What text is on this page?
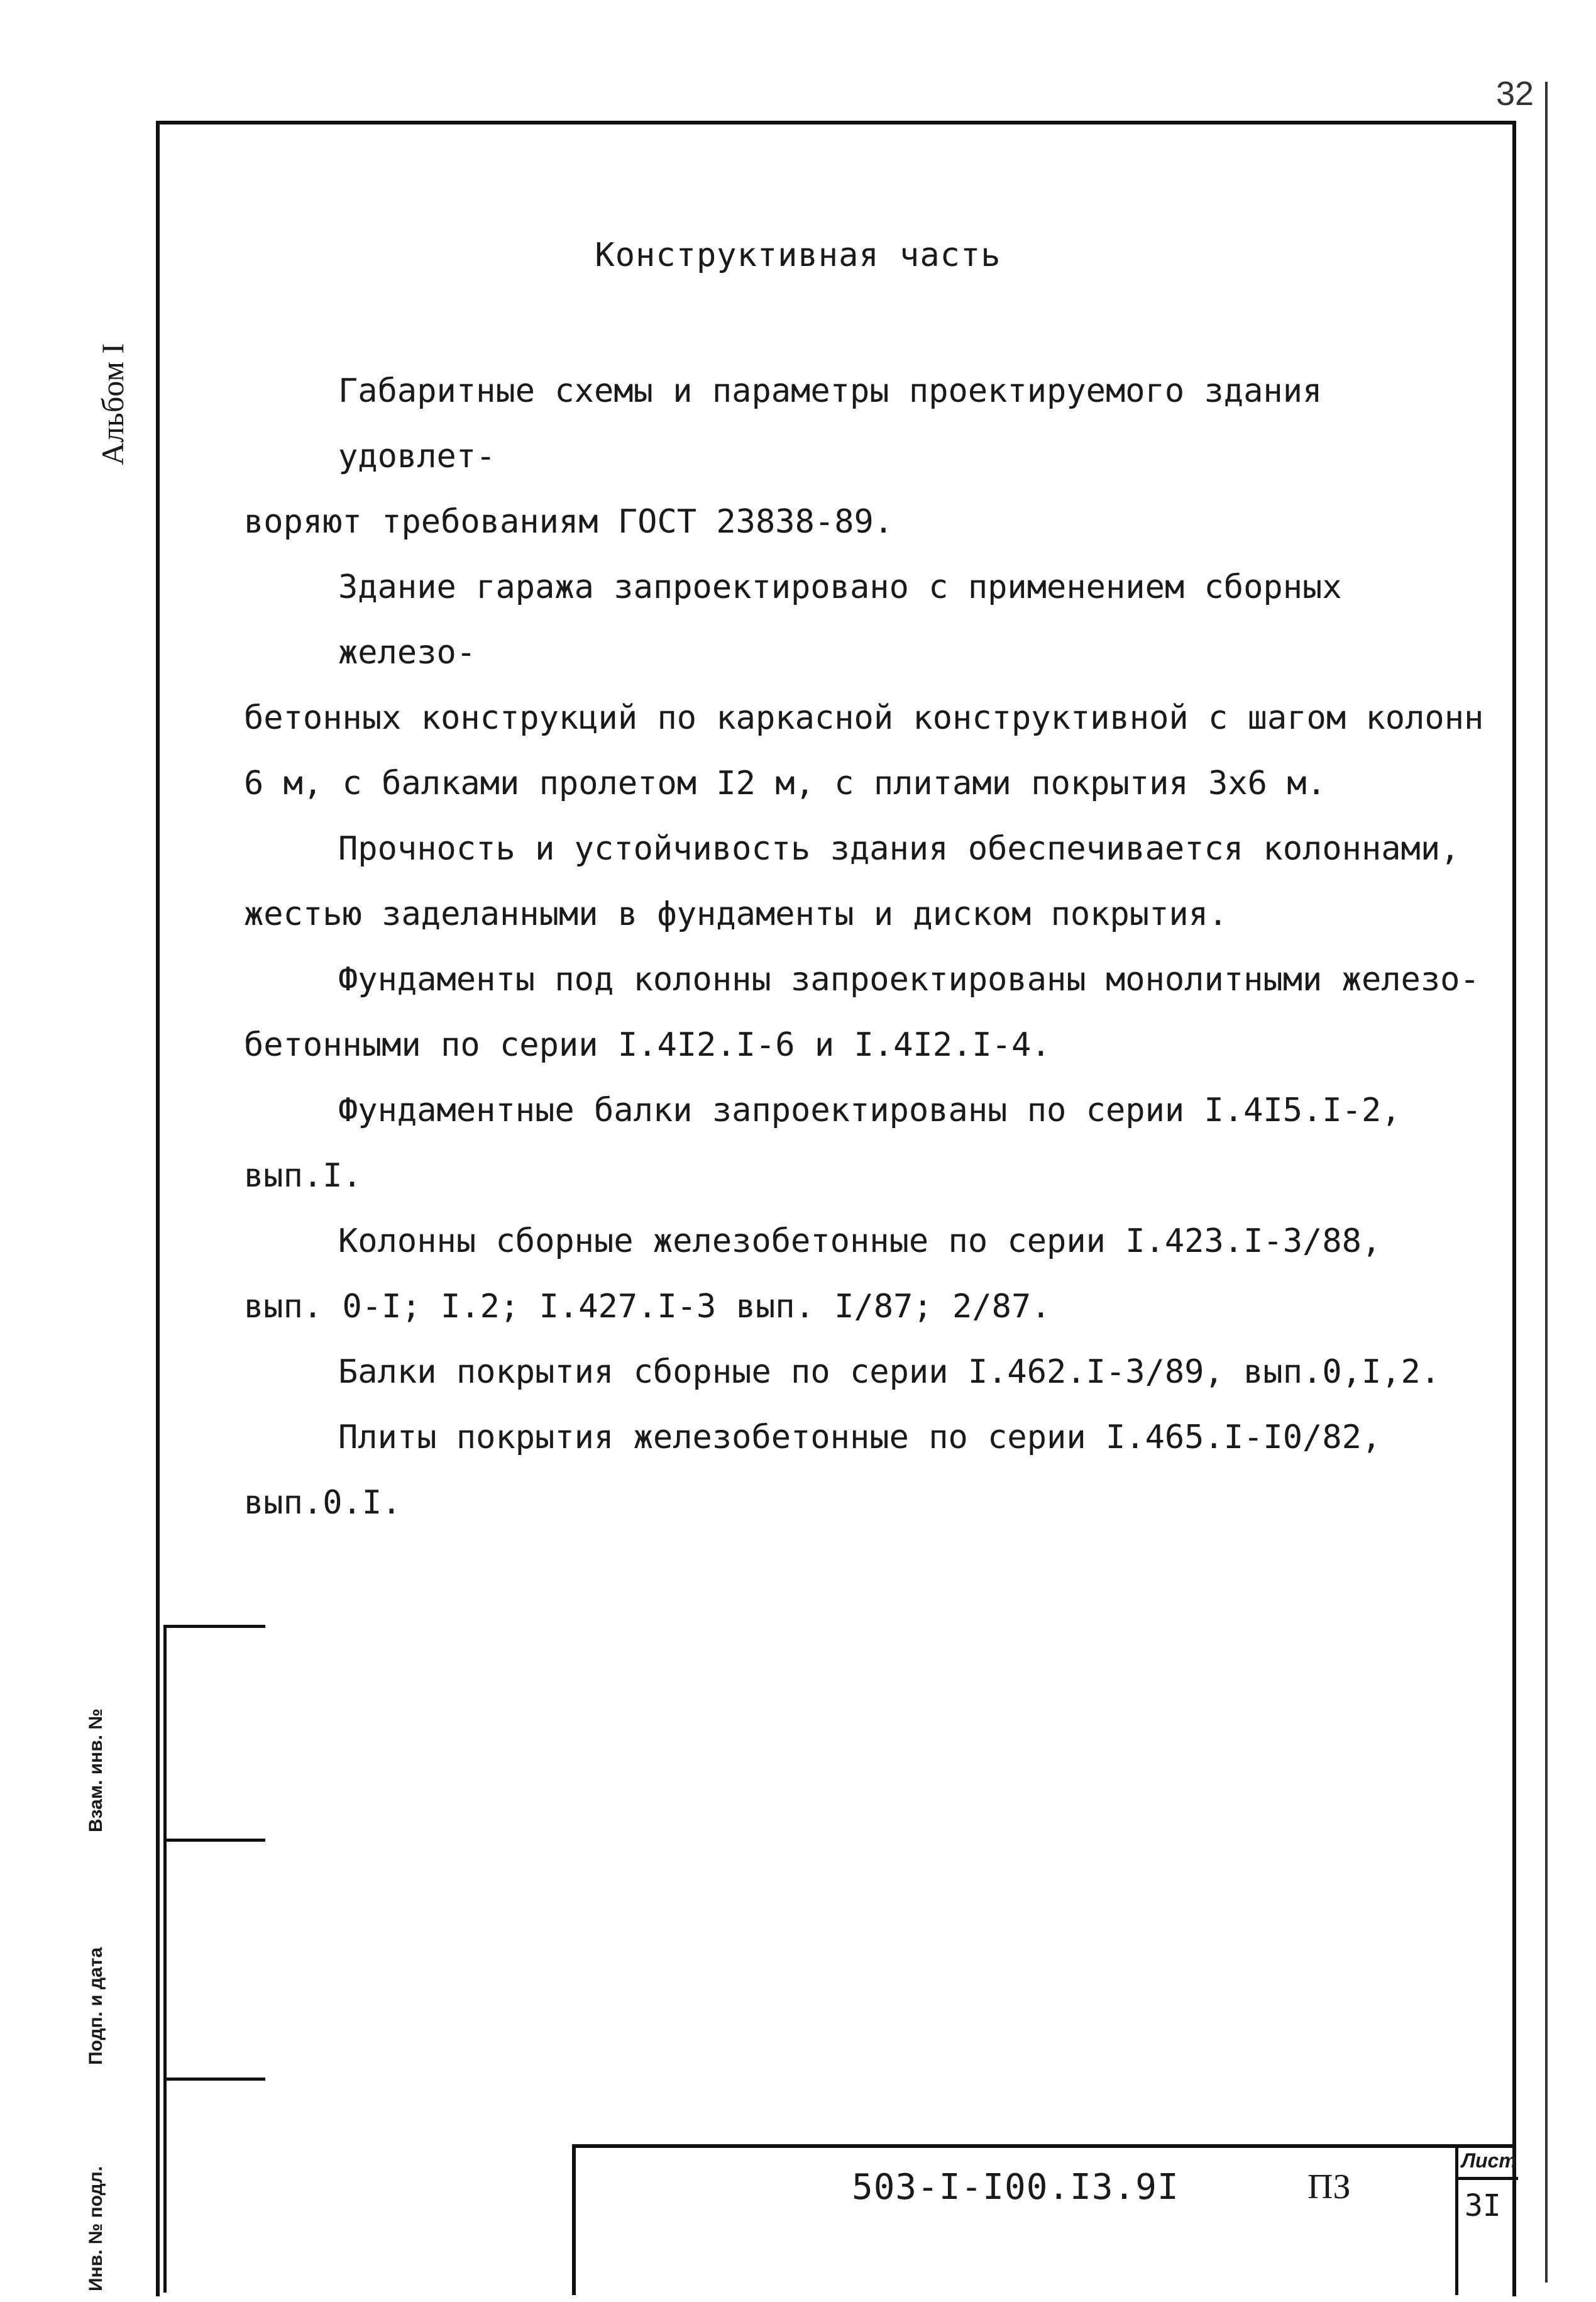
32
Альбом I
Конструктивная часть

Габаритные схемы и параметры проектируемого здания удовлет-

воряют требованиям ГОСТ 23838-89.

Здание гаража запроектировано с применением сборных железо-

бетонных конструкций по каркасной конструктивной с шагом колонн

6 м, с балками пролетом I2 м, с плитами покрытия 3х6 м.

Прочность и устойчивость здания обеспечивается колоннами,

жестью заделанными в фундаменты и диском покрытия.

Фундаменты под колонны запроектированы монолитными железо-

бетонными по серии I.4I2.I-6 и I.4I2.I-4.

Фундаментные балки запроектированы по серии I.4I5.I-2,

вып.I.

Колонны сборные железобетонные по серии I.423.I-3/88,

вып. 0-I; I.2; I.427.I-3 вып. I/87; 2/87.

Балки покрытия сборные по серии I.462.I-3/89, вып.0,I,2.

Плиты покрытия железобетонные по серии I.465.I-I0/82,

вып.0.I.

Взам. инв. №
Подп. и дата
Инв. № подл.	503-I-I00.I3.9I	ПЗ
Лист
3I
